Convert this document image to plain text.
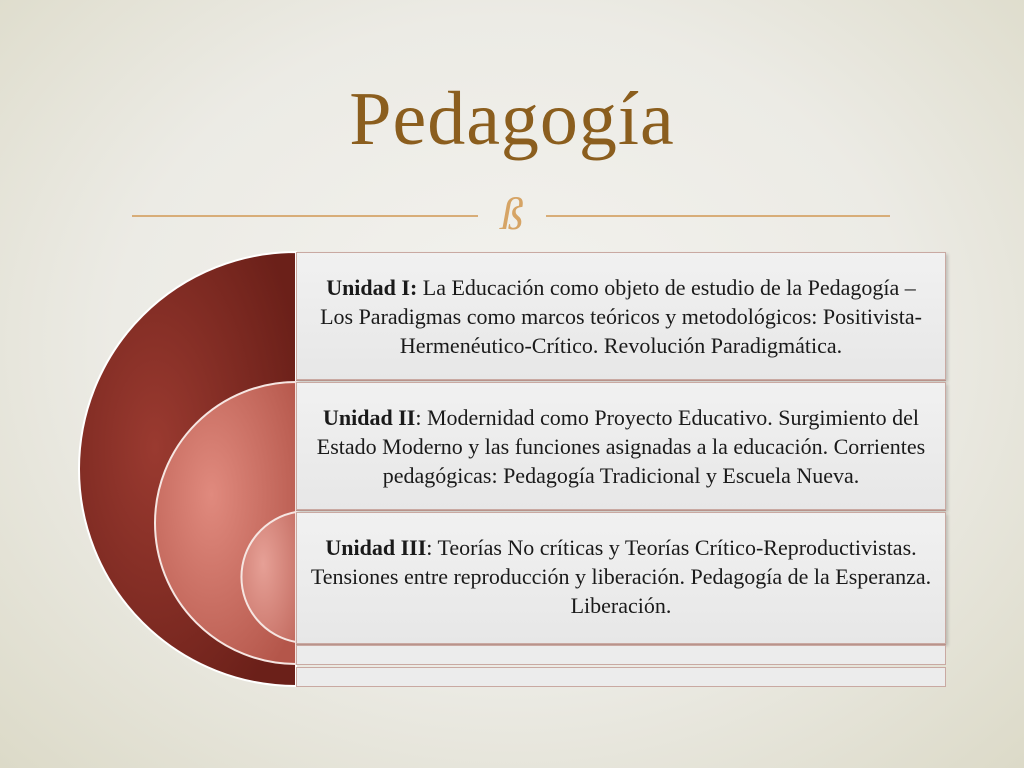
Pedagogía
ß
Unidad I: La Educación como objeto de estudio de la Pedagogía – Los Paradigmas como marcos teóricos y metodológicos: Positivista-Hermenéutico-Crítico. Revolución Paradigmática.
Unidad II: Modernidad como Proyecto Educativo. Surgimiento del Estado Moderno y las funciones asignadas a la educación. Corrientes pedagógicas: Pedagogía Tradicional y Escuela Nueva.
Unidad III: Teorías No críticas y Teorías Crítico-Reproductivistas. Tensiones entre reproducción y liberación. Pedagogía de la Esperanza. Liberación.
